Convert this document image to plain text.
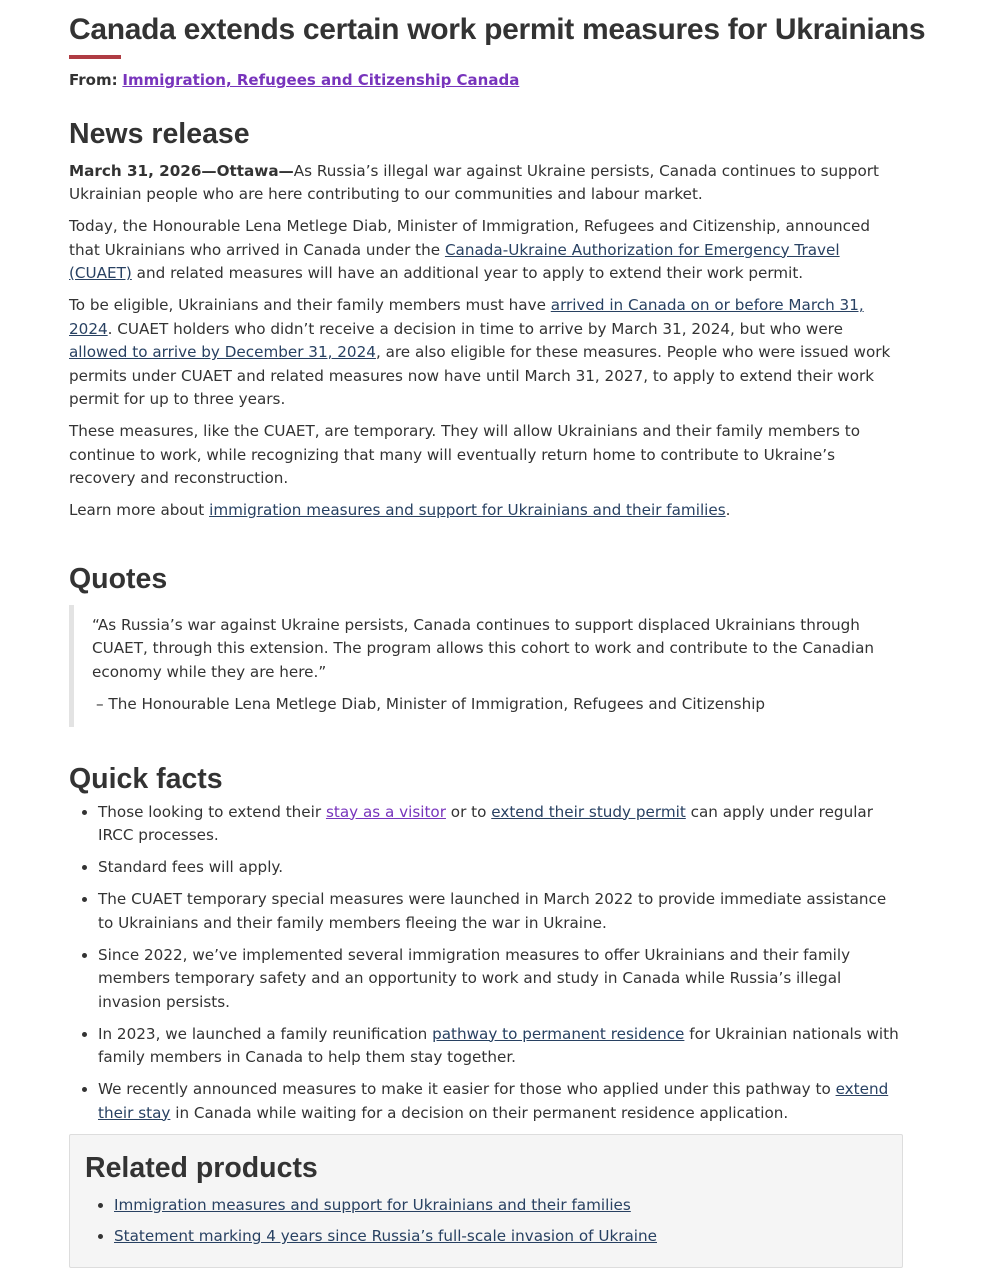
Canada extends certain work permit measures for Ukrainians
From: Immigration, Refugees and Citizenship Canada
News release

March 31, 2026—Ottawa—As Russia’s illegal war against Ukraine persists, Canada continues to support Ukrainian people who are here contributing to our communities and labour market.

Today, the Honourable Lena Metlege Diab, Minister of Immigration, Refugees and Citizenship, announced that Ukrainians who arrived in Canada under the Canada-Ukraine Authorization for Emergency Travel (CUAET) and related measures will have an additional year to apply to extend their work permit.

To be eligible, Ukrainians and their family members must have arrived in Canada on or before March 31, 2024. CUAET holders who didn’t receive a decision in time to arrive by March 31, 2024, but who were allowed to arrive by December 31, 2024, are also eligible for these measures. People who were issued work permits under CUAET and related measures now have until March 31, 2027, to apply to extend their work permit for up to three years.

These measures, like the CUAET, are temporary. They will allow Ukrainians and their family members to continue to work, while recognizing that many will eventually return home to contribute to Ukraine’s recovery and reconstruction.

Learn more about immigration measures and support for Ukrainians and their families.

Quotes

“As Russia’s war against Ukraine persists, Canada continues to support displaced Ukrainians through CUAET, through this extension. The program allows this cohort to work and contribute to the Canadian economy while they are here.”

– The Honourable Lena Metlege Diab, Minister of Immigration, Refugees and Citizenship

Quick facts
• Those looking to extend their stay as a visitor or to extend their study permit can apply under regular IRCC processes.
• Standard fees will apply.
• The CUAET temporary special measures were launched in March 2022 to provide immediate assistance to Ukrainians and their family members fleeing the war in Ukraine.
• Since 2022, we’ve implemented several immigration measures to offer Ukrainians and their family members temporary safety and an opportunity to work and study in Canada while Russia’s illegal invasion persists.
• In 2023, we launched a family reunification pathway to permanent residence for Ukrainian nationals with family members in Canada to help them stay together.
• We recently announced measures to make it easier for those who applied under this pathway to extend their stay in Canada while waiting for a decision on their permanent residence application.
Related products
• Immigration measures and support for Ukrainians and their families
• Statement marking 4 years since Russia’s full-scale invasion of Ukraine
